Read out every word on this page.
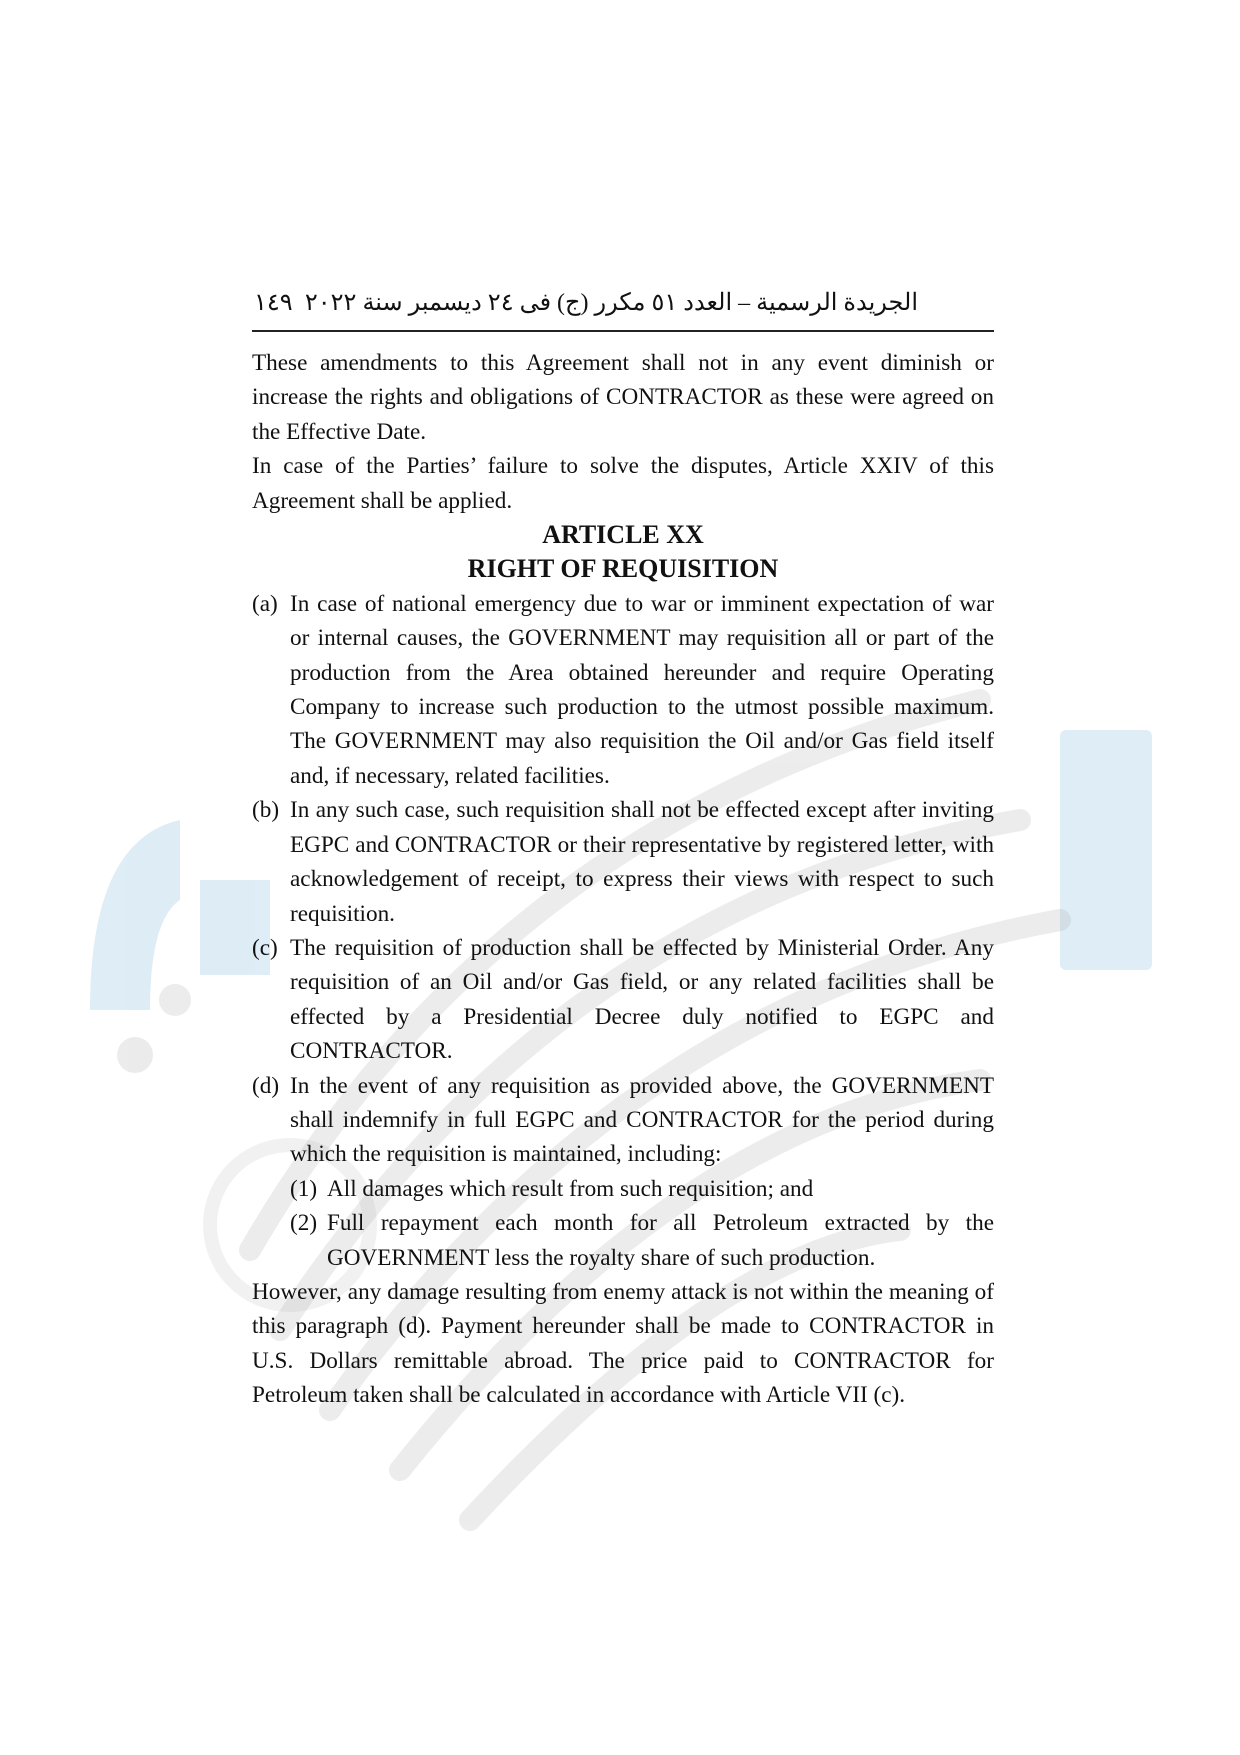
١٤٩ الجريدة الرسمية – العدد ٥١ مكرر (ج) فى ٢٤ ديسمبر سنة ٢٠٢٢

These amendments to this Agreement shall not in any event diminish or increase the rights and obligations of CONTRACTOR as these were agreed on the Effective Date.

In case of the Parties’ failure to solve the disputes, Article XXIV of this Agreement shall be applied.

ARTICLE XX
RIGHT OF REQUISITION
(a) In case of national emergency due to war or imminent expectation of war or internal causes, the GOVERNMENT may requisition all or part of the production from the Area obtained hereunder and require Operating Company to increase such production to the utmost possible maximum. The GOVERNMENT may also requisition the Oil and/or Gas field itself and, if necessary, related facilities.
(b) In any such case, such requisition shall not be effected except after inviting EGPC and CONTRACTOR or their representative by registered letter, with acknowledgement of receipt, to express their views with respect to such requisition.
(c) The requisition of production shall be effected by Ministerial Order. Any requisition of an Oil and/or Gas field, or any related facilities shall be effected by a Presidential Decree duly notified to EGPC and CONTRACTOR.
(d) In the event of any requisition as provided above, the GOVERNMENT shall indemnify in full EGPC and CONTRACTOR for the period during which the requisition is maintained, including:
(1) All damages which result from such requisition; and
(2) Full repayment each month for all Petroleum extracted by the GOVERNMENT less the royalty share of such production.

However, any damage resulting from enemy attack is not within the meaning of this paragraph (d). Payment hereunder shall be made to CONTRACTOR in U.S. Dollars remittable abroad. The price paid to CONTRACTOR for Petroleum taken shall be calculated in accordance with Article VII (c).
